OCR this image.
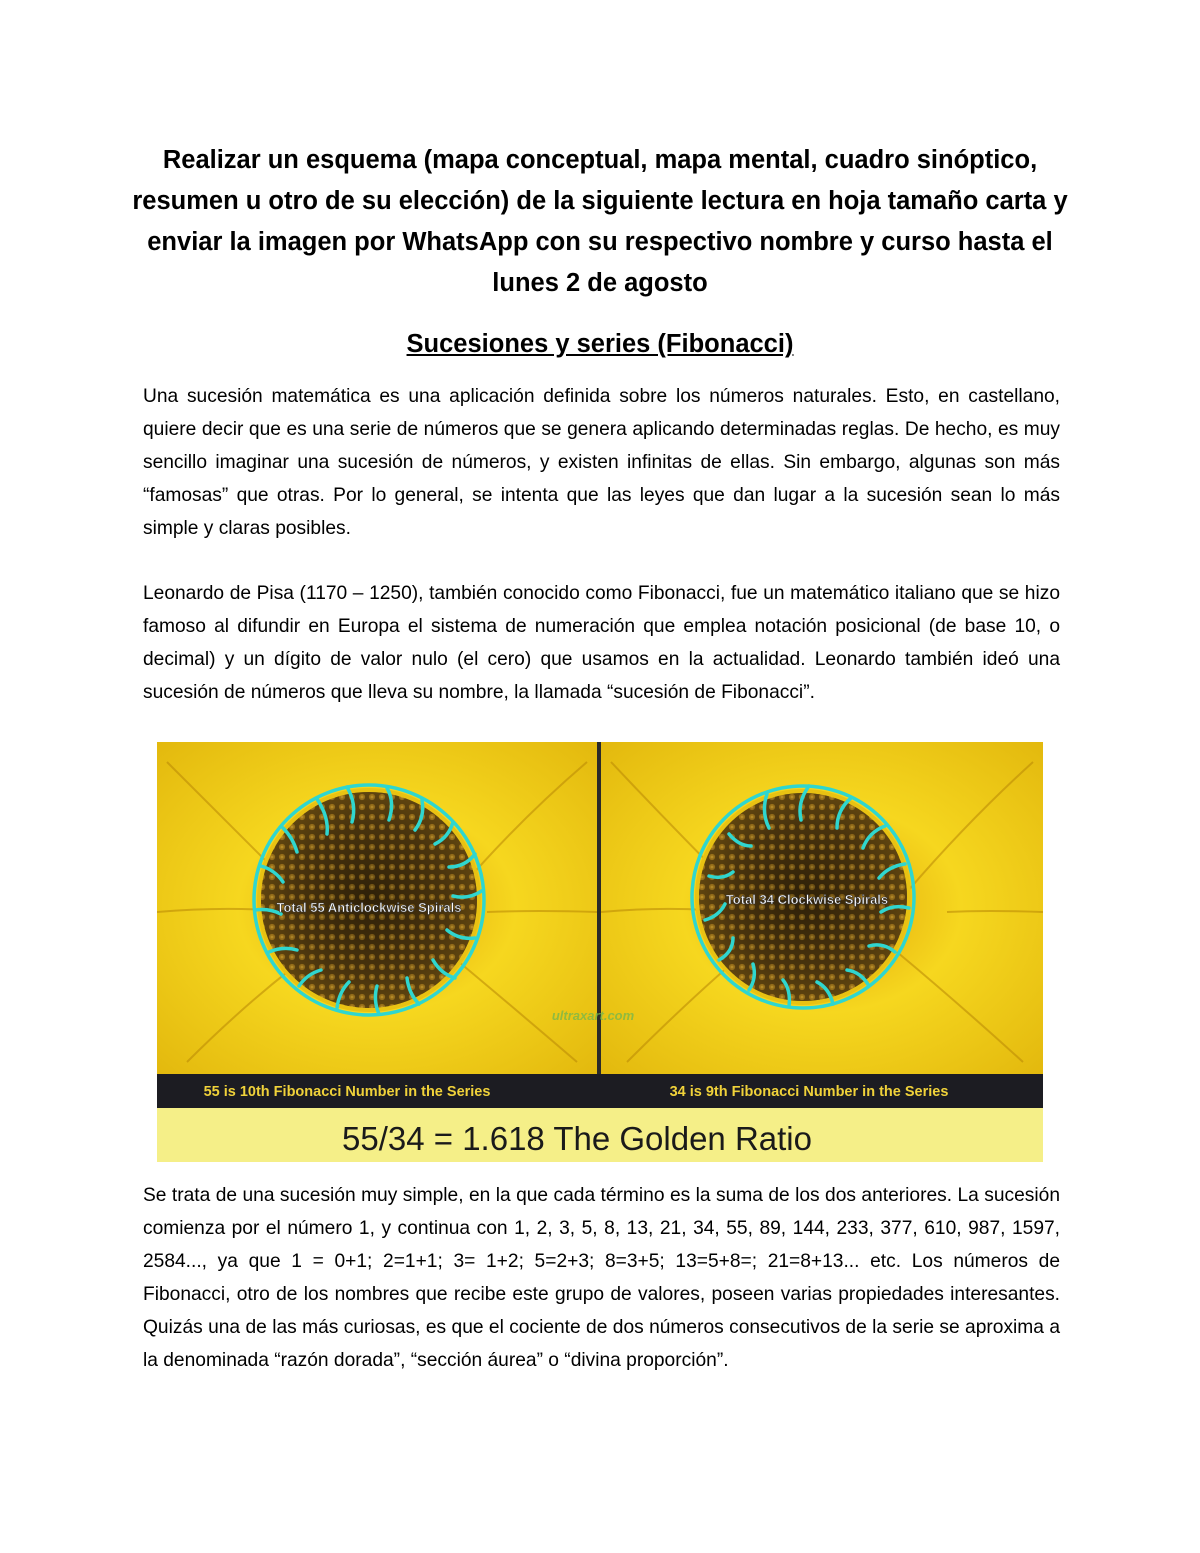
Realizar un esquema (mapa conceptual, mapa mental, cuadro sinóptico, resumen u otro de su elección) de la siguiente lectura en hoja tamaño carta y enviar la imagen por WhatsApp con su respectivo nombre y curso hasta el lunes 2 de agosto
Sucesiones y series (Fibonacci)

Una sucesión matemática es una aplicación definida sobre los números naturales. Esto, en castellano, quiere decir que es una serie de números que se genera aplicando determinadas reglas. De hecho, es muy sencillo imaginar una sucesión de números, y existen infinitas de ellas. Sin embargo, algunas son más “famosas” que otras. Por lo general, se intenta que las leyes que dan lugar a la sucesión sean lo más simple y claras posibles.

Leonardo de Pisa (1170 – 1250), también conocido como Fibonacci, fue un matemático italiano que se hizo famoso al difundir en Europa el sistema de numeración que emplea notación posicional (de base 10, o decimal) y un dígito de valor nulo (el cero) que usamos en la actualidad. Leonardo también ideó una sucesión de números que lleva su nombre, la llamada “sucesión de Fibonacci”.

Total 55 Anticlockwise Spirals
Total 34 Clockwise Spirals
ultraxart.com
55 is 10th Fibonacci Number in the Series	34 is 9th Fibonacci Number in the Series
55/34 = 1.618 The Golden Ratio

Se trata de una sucesión muy simple, en la que cada término es la suma de los dos anteriores. La sucesión comienza por el número 1, y continua con 1, 2, 3, 5, 8, 13, 21, 34, 55, 89, 144, 233, 377, 610, 987, 1597, 2584..., ya que 1 = 0+1; 2=1+1; 3= 1+2; 5=2+3; 8=3+5; 13=5+8=; 21=8+13... etc. Los números de Fibonacci, otro de los nombres que recibe este grupo de valores, poseen varias propiedades interesantes. Quizás una de las más curiosas, es que el cociente de dos números consecutivos de la serie se aproxima a la denominada “razón dorada”, “sección áurea” o “divina proporción”.
